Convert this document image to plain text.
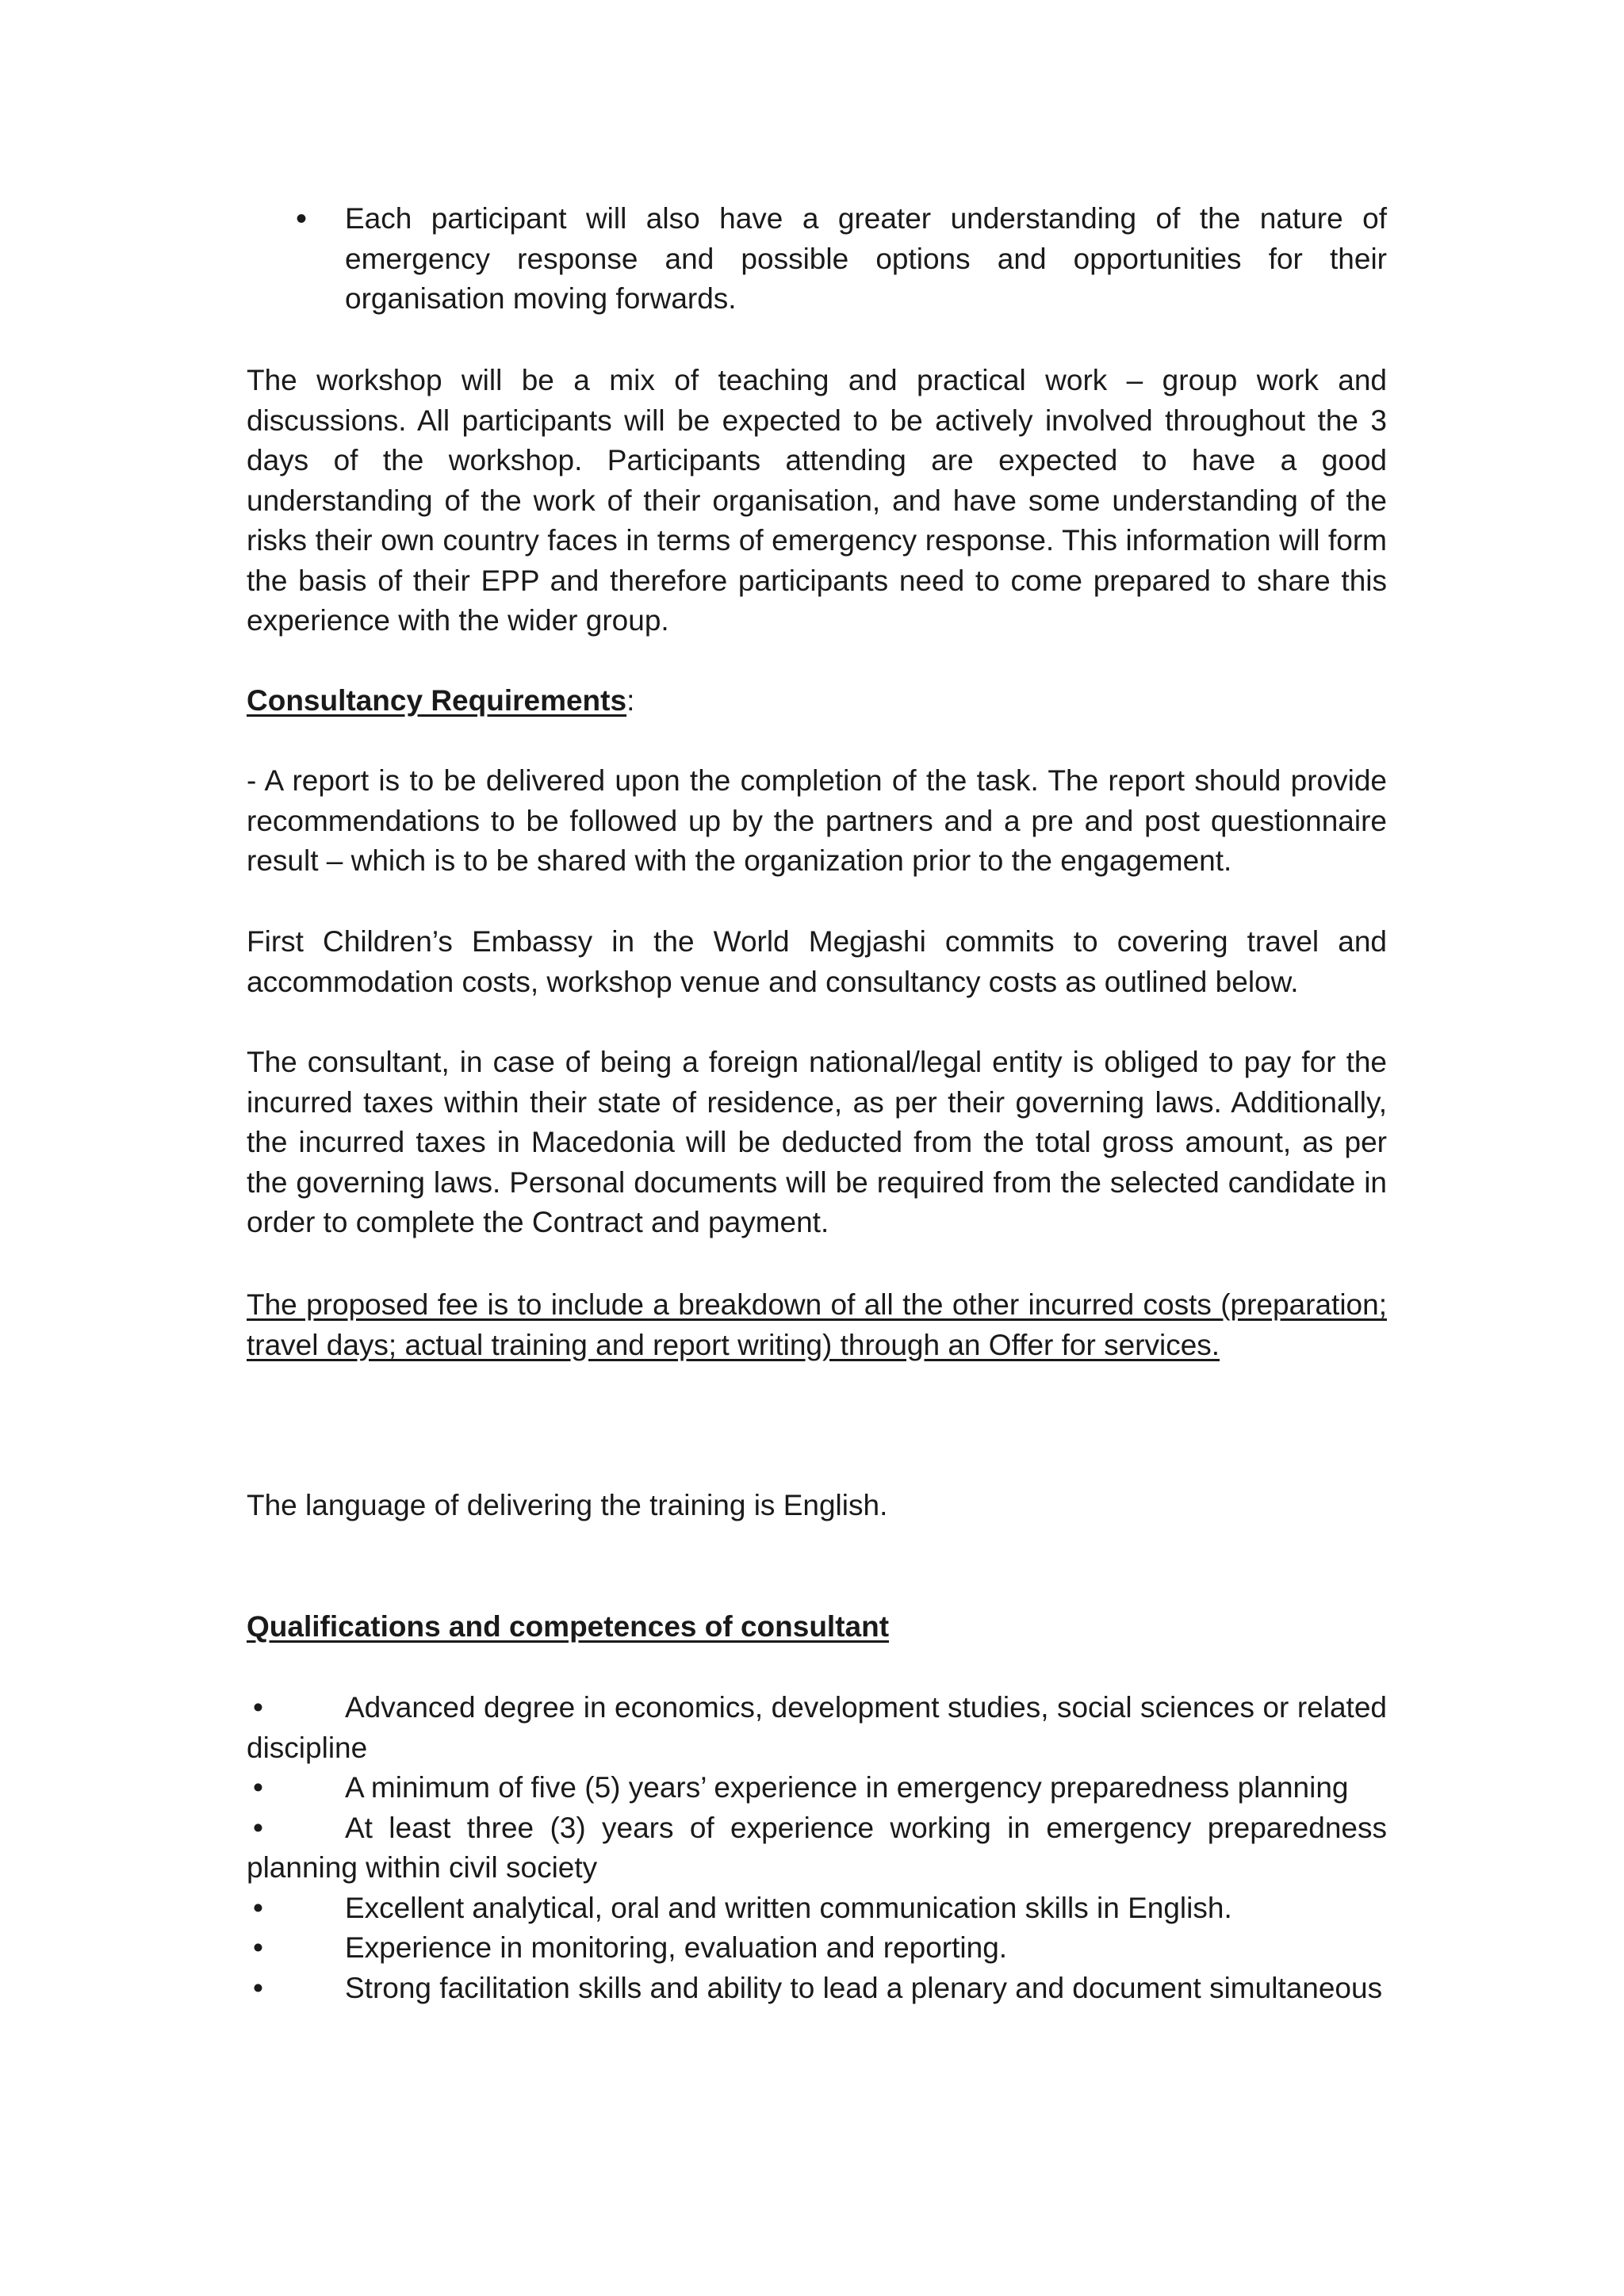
• Each participant will also have a greater understanding of the nature of emergency response and possible options and opportunities for their organisation moving forwards.

The workshop will be a mix of teaching and practical work – group work and discussions. All participants will be expected to be actively involved throughout the 3 days of the workshop. Participants attending are expected to have a good understanding of the work of their organisation, and have some understanding of the risks their own country faces in terms of emergency response. This information will form the basis of their EPP and therefore participants need to come prepared to share this experience with the wider group.

Consultancy Requirements:

- A report is to be delivered upon the completion of the task. The report should provide recommendations to be followed up by the partners and a pre and post questionnaire result – which is to be shared with the organization prior to the engagement.

First Children’s Embassy in the World Megjashi commits to covering travel and accommodation costs, workshop venue and consultancy costs as outlined below.

The consultant, in case of being a foreign national/legal entity is obliged to pay for the incurred taxes within their state of residence, as per their governing laws. Additionally, the incurred taxes in Macedonia will be deducted from the total gross amount, as per the governing laws. Personal documents will be required from the selected candidate in order to complete the Contract and payment.

The proposed fee is to include a breakdown of all the other incurred costs (preparation; travel days; actual training and report writing) through an Offer for services.

The language of delivering the training is English.

Qualifications and competences of consultant

•	Advanced degree in economics, development studies, social sciences or related discipline

•	A minimum of five (5) years’ experience in emergency preparedness planning

•	At least three (3) years of experience working in emergency preparedness planning within civil society

•	Excellent analytical, oral and written communication skills in English.

•	Experience in monitoring, evaluation and reporting.

•	Strong facilitation skills and ability to lead a plenary and document simultaneous
